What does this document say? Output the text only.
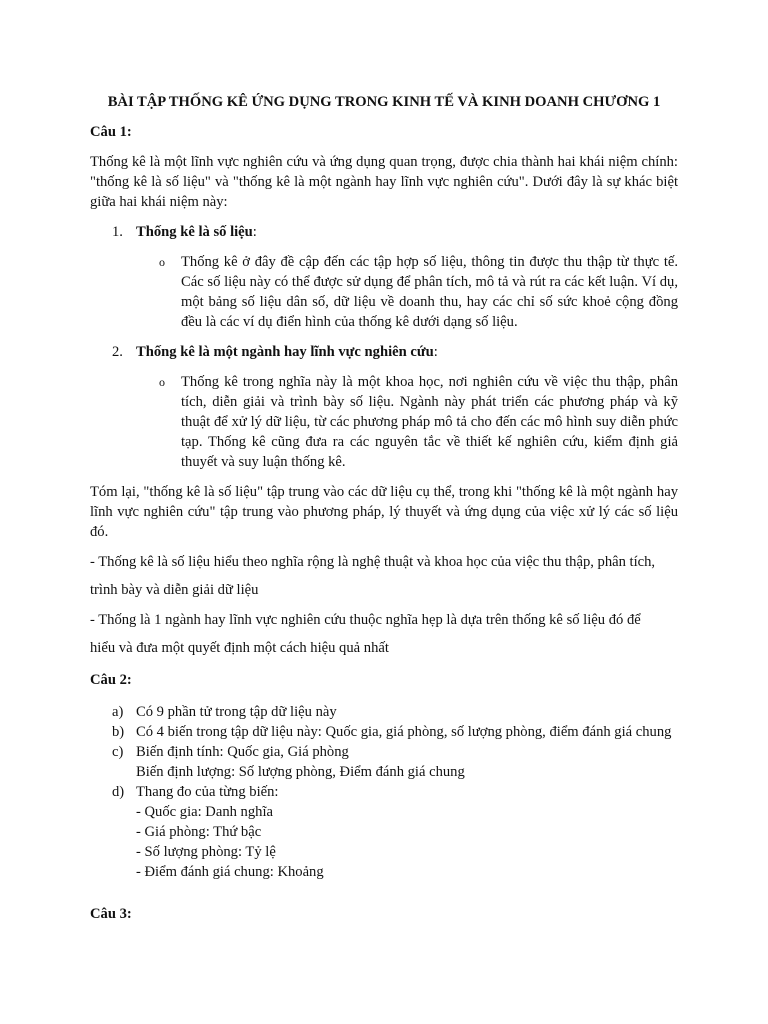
BÀI TẬP THỐNG KÊ ỨNG DỤNG TRONG KINH TẾ VÀ KINH DOANH CHƯƠNG 1
Câu 1:

Thống kê là một lĩnh vực nghiên cứu và ứng dụng quan trọng, được chia thành hai khái niệm chính: "thống kê là số liệu" và "thống kê là một ngành hay lĩnh vực nghiên cứu". Dưới đây là sự khác biệt giữa hai khái niệm này:

1. Thống kê là số liệu:
o Thống kê ở đây đề cập đến các tập hợp số liệu, thông tin được thu thập từ thực tế. Các số liệu này có thể được sử dụng để phân tích, mô tả và rút ra các kết luận. Ví dụ, một bảng số liệu dân số, dữ liệu về doanh thu, hay các chỉ số sức khoẻ cộng đồng đều là các ví dụ điển hình của thống kê dưới dạng số liệu.
2. Thống kê là một ngành hay lĩnh vực nghiên cứu:
o Thống kê trong nghĩa này là một khoa học, nơi nghiên cứu về việc thu thập, phân tích, diễn giải và trình bày số liệu. Ngành này phát triển các phương pháp và kỹ thuật để xử lý dữ liệu, từ các phương pháp mô tả cho đến các mô hình suy diễn phức tạp. Thống kê cũng đưa ra các nguyên tắc về thiết kế nghiên cứu, kiểm định giả thuyết và suy luận thống kê.

Tóm lại, "thống kê là số liệu" tập trung vào các dữ liệu cụ thể, trong khi "thống kê là một ngành hay lĩnh vực nghiên cứu" tập trung vào phương pháp, lý thuyết và ứng dụng của việc xử lý các số liệu đó.

- Thống kê là số liệu hiểu theo nghĩa rộng là nghệ thuật và khoa học của việc thu thập, phân tích,
trình bày và diễn giải dữ liệu
- Thống là 1 ngành hay lĩnh vực nghiên cứu thuộc nghĩa hẹp là dựa trên thống kê số liệu đó để
hiểu và đưa một quyết định một cách hiệu quả nhất
Câu 2:
a) Có 9 phần tử trong tập dữ liệu này
b) Có 4 biến trong tập dữ liệu này: Quốc gia, giá phòng, số lượng phòng, điểm đánh giá chung
c) Biến định tính: Quốc gia, Giá phòng
Biến định lượng: Số lượng phòng, Điểm đánh giá chung
d) Thang đo của từng biến:
- Quốc gia: Danh nghĩa
- Giá phòng: Thứ bậc
- Số lượng phòng: Tỷ lệ
- Điểm đánh giá chung: Khoảng
Câu 3:
